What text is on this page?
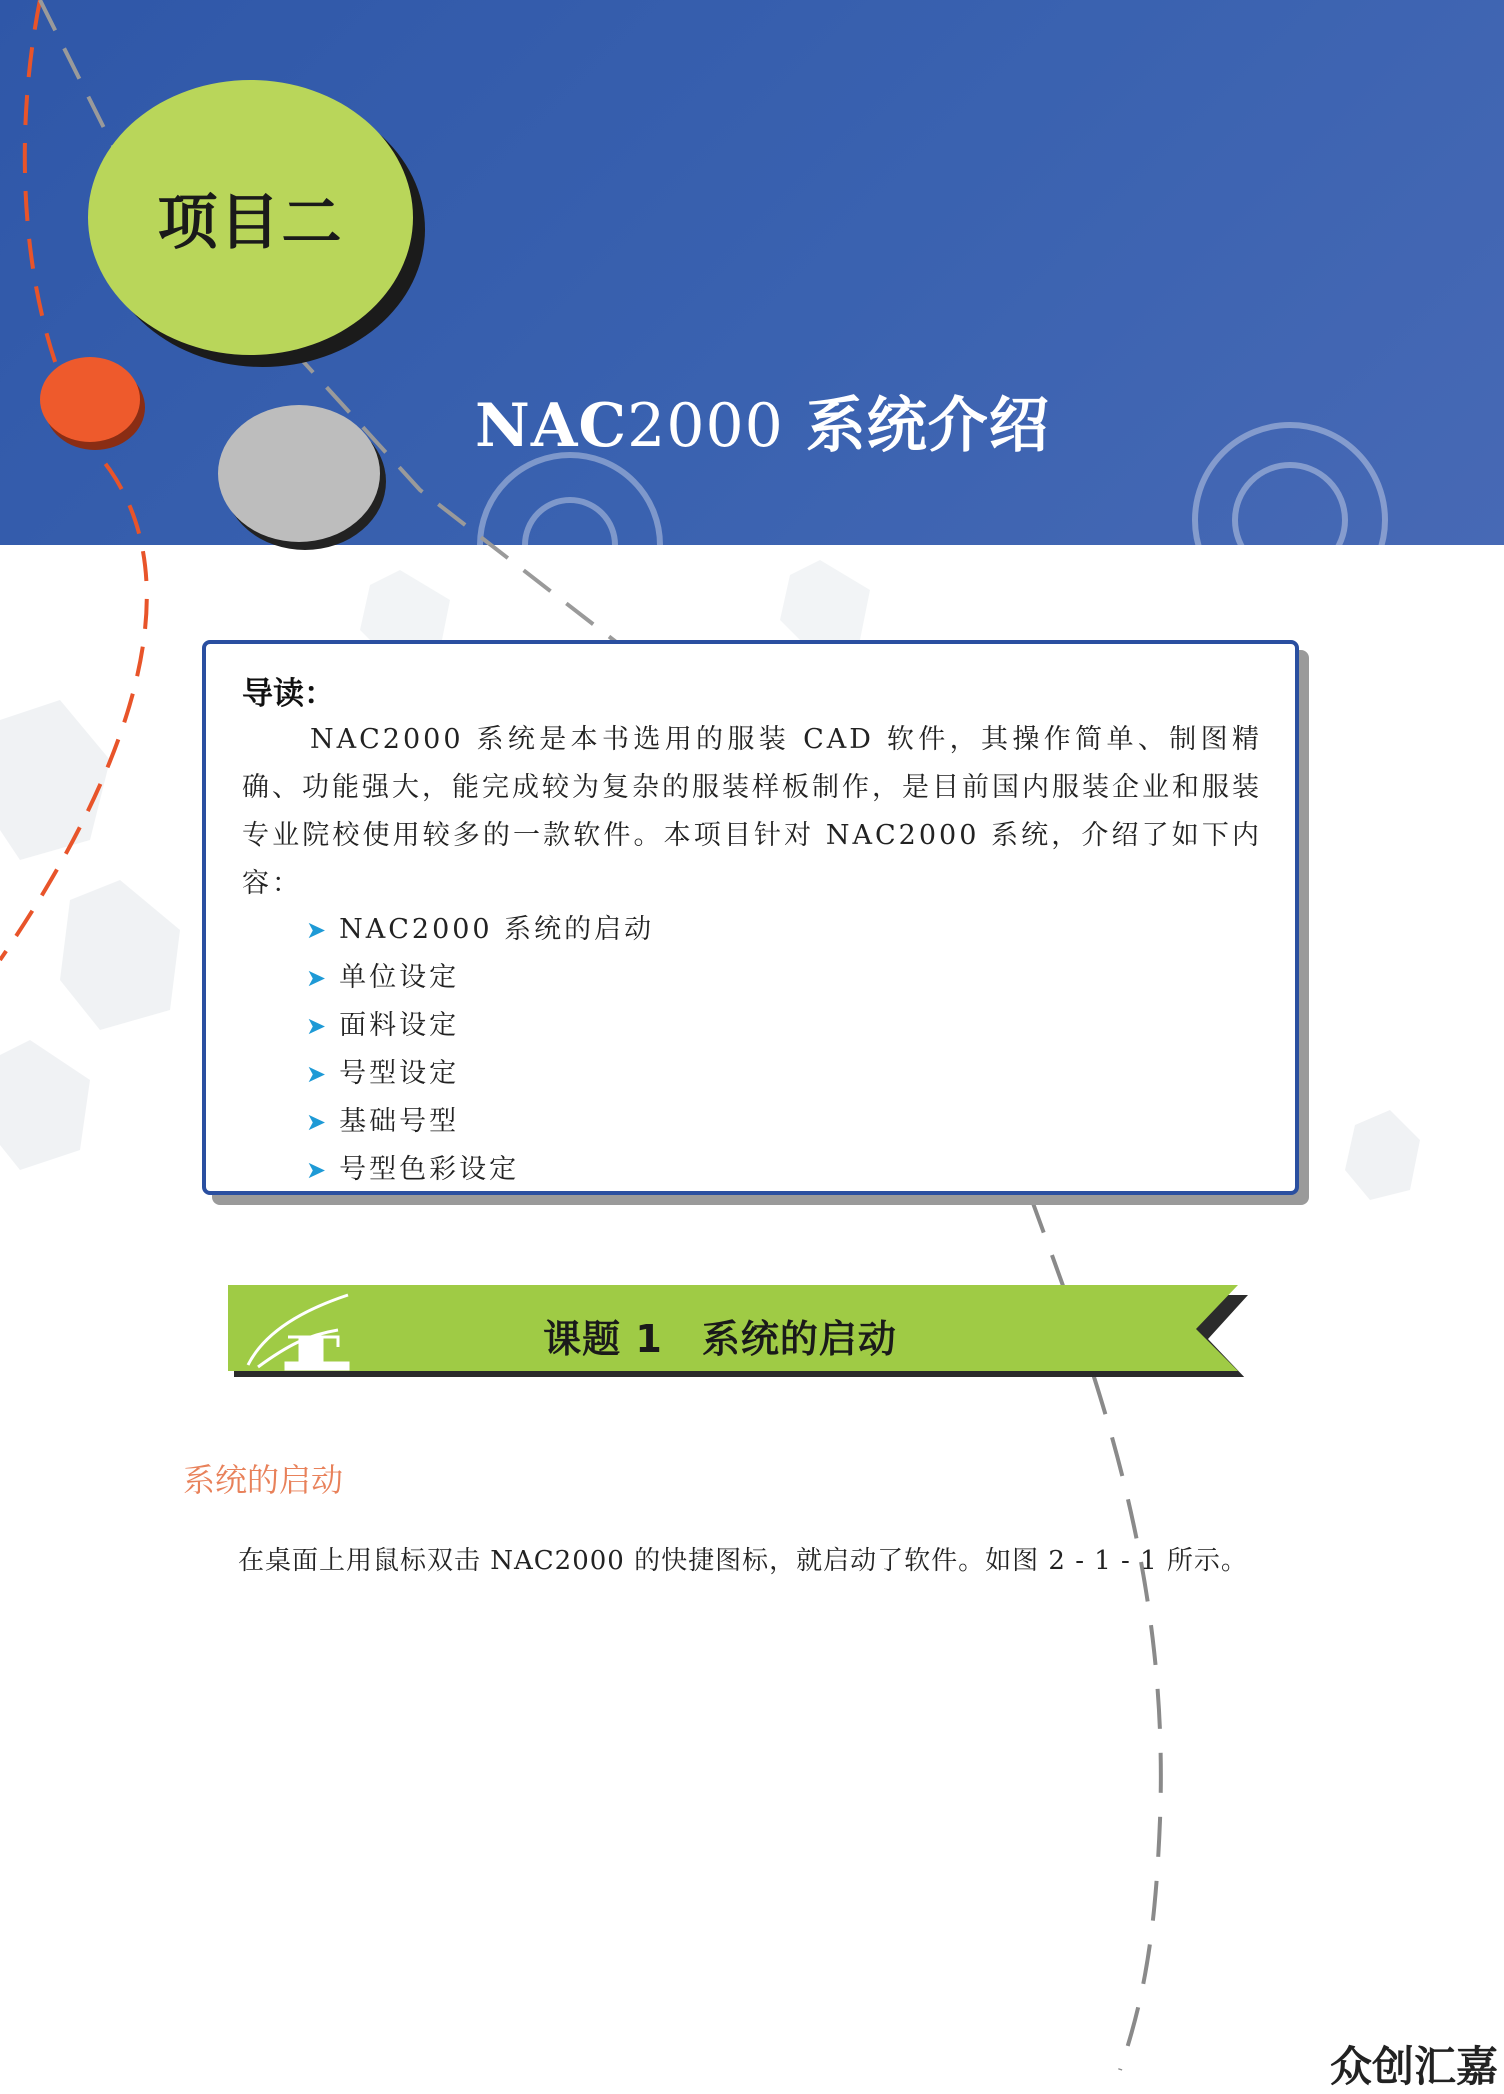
项目二
NAC2000 系统介绍
导读：

NAC2000 系统是本书选用的服装 CAD 软件，其操作简单、制图精确、功能强大，能完成较为复杂的服装样板制作，是目前国内服装企业和服装专业院校使用较多的一款软件。本项目针对 NAC2000 系统，介绍了如下内容：

➤ NAC2000 系统的启动
➤ 单位设定
➤ 面料设定
➤ 号型设定
➤ 基础号型
➤ 号型色彩设定
课题 1　系统的启动
系统的启动
在桌面上用鼠标双击 NAC2000 的快捷图标，就启动了软件。如图 2 - 1 - 1 所示。
众创汇嘉
